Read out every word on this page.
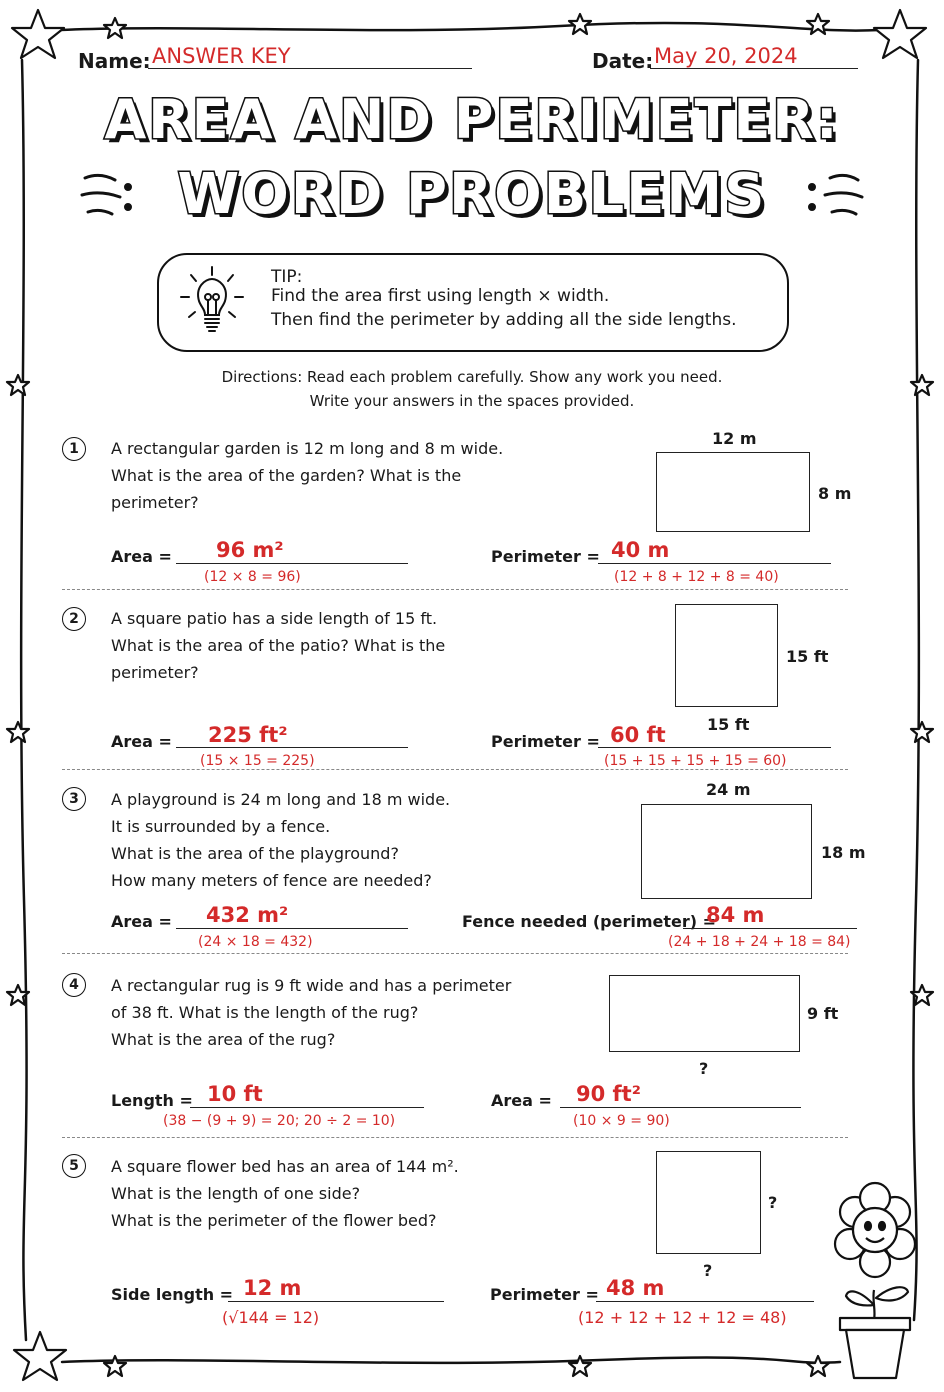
Name: ANSWER KEY	Date: May 20, 2024
AREA AND PERIMETER:
WORD PROBLEMS
TIP:
Find the area first using length × width.
Then find the perimeter by adding all the side lengths.
Directions: Read each problem carefully. Show any work you need.
Write your answers in the spaces provided.
1	A rectangular garden is 12 m long and 8 m wide.
What is the area of the garden? What is the
perimeter?
12 m
8 m
Area = 96 m²
(12 × 8 = 96)
Perimeter = 40 m
(12 + 8 + 12 + 8 = 40)
2	A square patio has a side length of 15 ft.
What is the area of the patio? What is the
perimeter?
15 ft
15 ft
Area = 225 ft²
(15 × 15 = 225)
Perimeter = 60 ft
(15 + 15 + 15 + 15 = 60)
3	A playground is 24 m long and 18 m wide.
It is surrounded by a fence.
What is the area of the playground?
How many meters of fence are needed?
24 m
18 m
Area = 432 m²
(24 × 18 = 432)
Fence needed (perimeter) =
84 m
(24 + 18 + 24 + 18 = 84)
4	A rectangular rug is 9 ft wide and has a perimeter
of 38 ft. What is the length of the rug?
What is the area of the rug?
9 ft
?
Length = 10 ft
(38 − (9 + 9) = 20; 20 ÷ 2 = 10)
Area = 90 ft²
(10 × 9 = 90)
5	A square flower bed has an area of 144 m².
What is the length of one side?
What is the perimeter of the flower bed?
?
?
Side length = 12 m
(√144 = 12)
Perimeter = 48 m
(12 + 12 + 12 + 12 = 48)
